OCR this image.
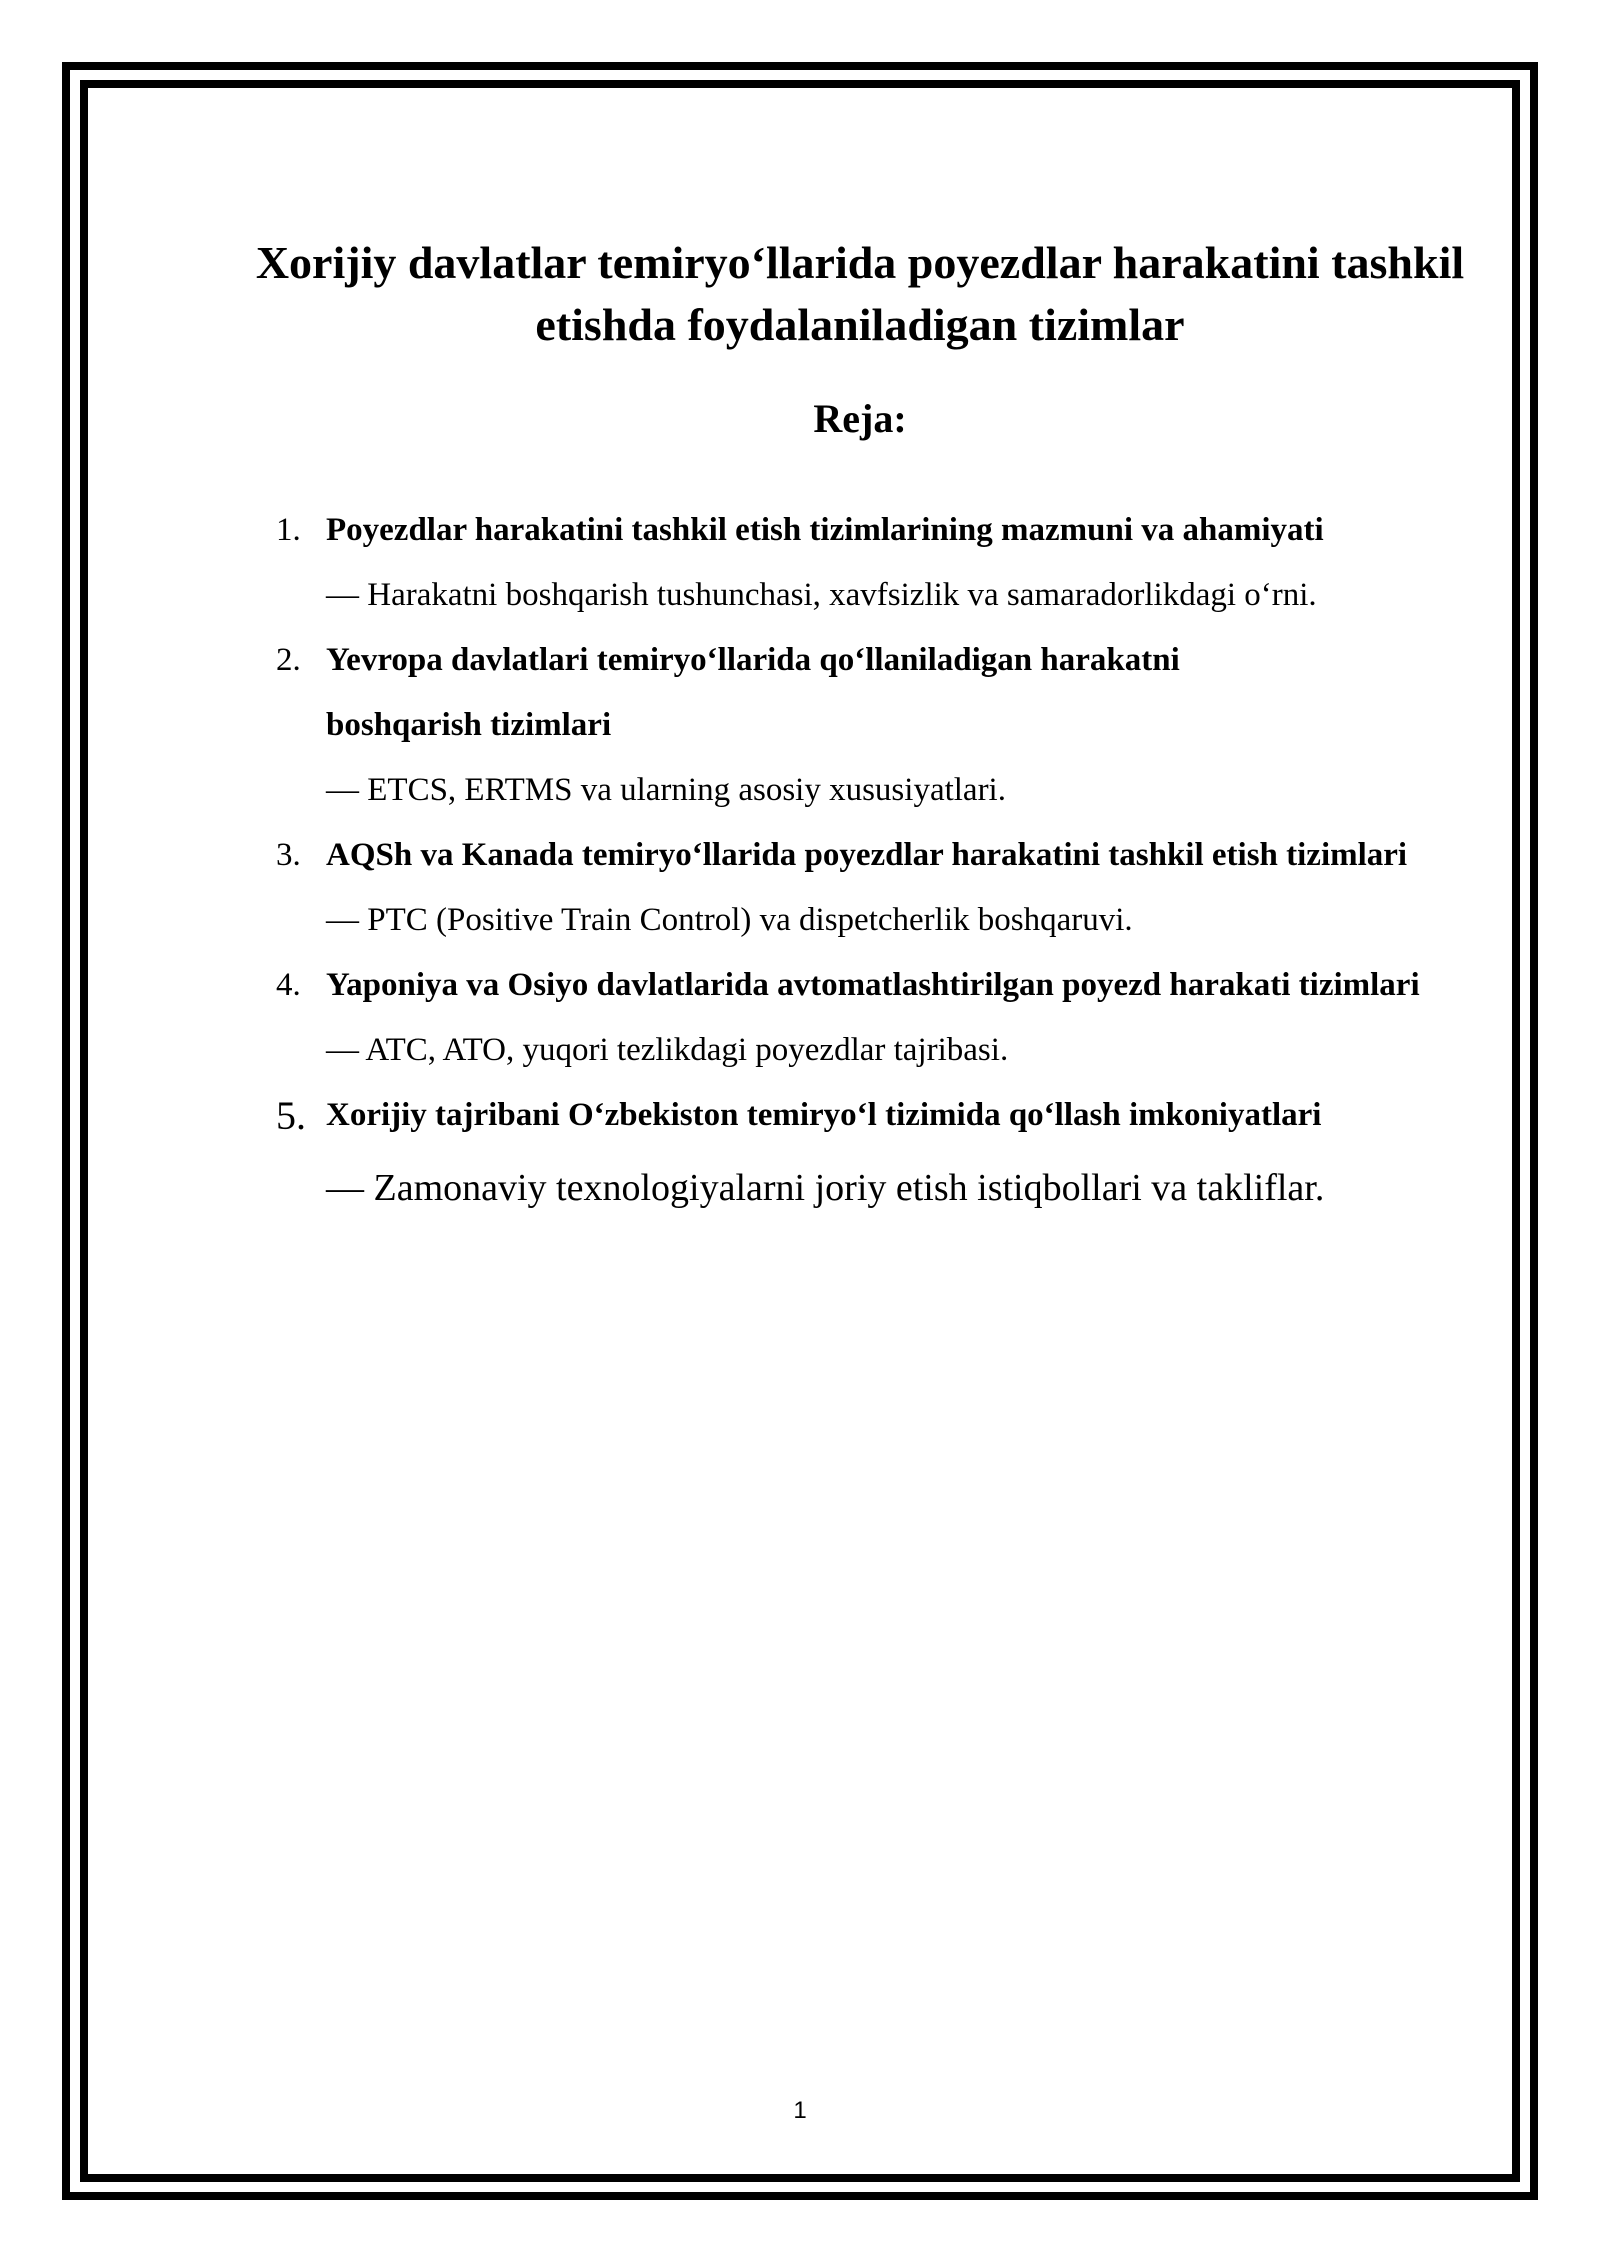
Xorijiy davlatlar temiryo‘llarida poyezdlar harakatini tashkil etishda foydalaniladigan tizimlar
Reja:
1. Poyezdlar harakatini tashkil etish tizimlarining mazmuni va ahamiyati
— Harakatni boshqarish tushunchasi, xavfsizlik va samaradorlikdagi o‘rni.
2. Yevropa davlatlari temiryo‘llarida qo‘llaniladigan harakatni boshqarish tizimlari
— ETCS, ERTMS va ularning asosiy xususiyatlari.
3. AQSh va Kanada temiryo‘llarida poyezdlar harakatini tashkil etish tizimlari
— PTC (Positive Train Control) va dispetcherlik boshqaruvi.
4. Yaponiya va Osiyo davlatlarida avtomatlashtirilgan poyezd harakati tizimlari
— ATC, ATO, yuqori tezlikdagi poyezdlar tajribasi.
5. Xorijiy tajribani O‘zbekiston temiryo‘l tizimida qo‘llash imkoniyatlari
— Zamonaviy texnologiyalarni joriy etish istiqbollari va takliflar.
1
